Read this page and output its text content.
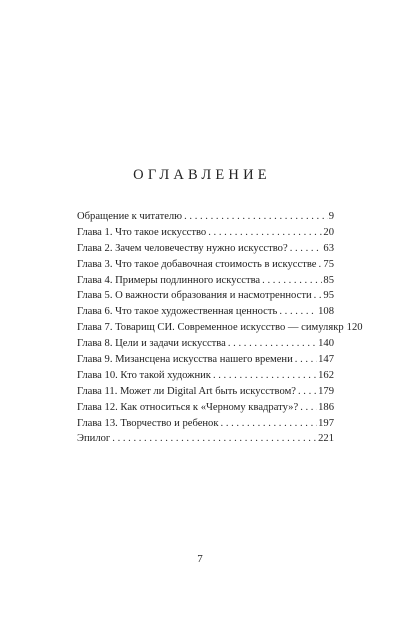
ОГЛАВЛЕНИЕ
Обращение к читателю . . .	9
Глава 1. Что такое искусство . . .	20
Глава 2. Зачем человечеству нужно искусство? . . .	63
Глава 3. Что такое добавочная стоимость в искусстве . . . 75
Глава 4. Примеры подлинного искусства . . .	85
Глава 5. О важности образования и насмотренности . . . 95
Глава 6. Что такое художественная ценность . . .	108
Глава 7. Товарищ СИ. Современное искусство — симулякр 120
Глава 8. Цели и задачи искусства . . .	140
Глава 9. Мизансцена искусства нашего времени . . . 147
Глава 10. Кто такой художник . . .	162
Глава 11. Может ли Digital Art быть искусством? . . . 179
Глава 12. Как относиться к «Черному квадрату»? . . . 186
Глава 13. Творчество и ребенок . . .	197
Эпилог . . .	221
7
